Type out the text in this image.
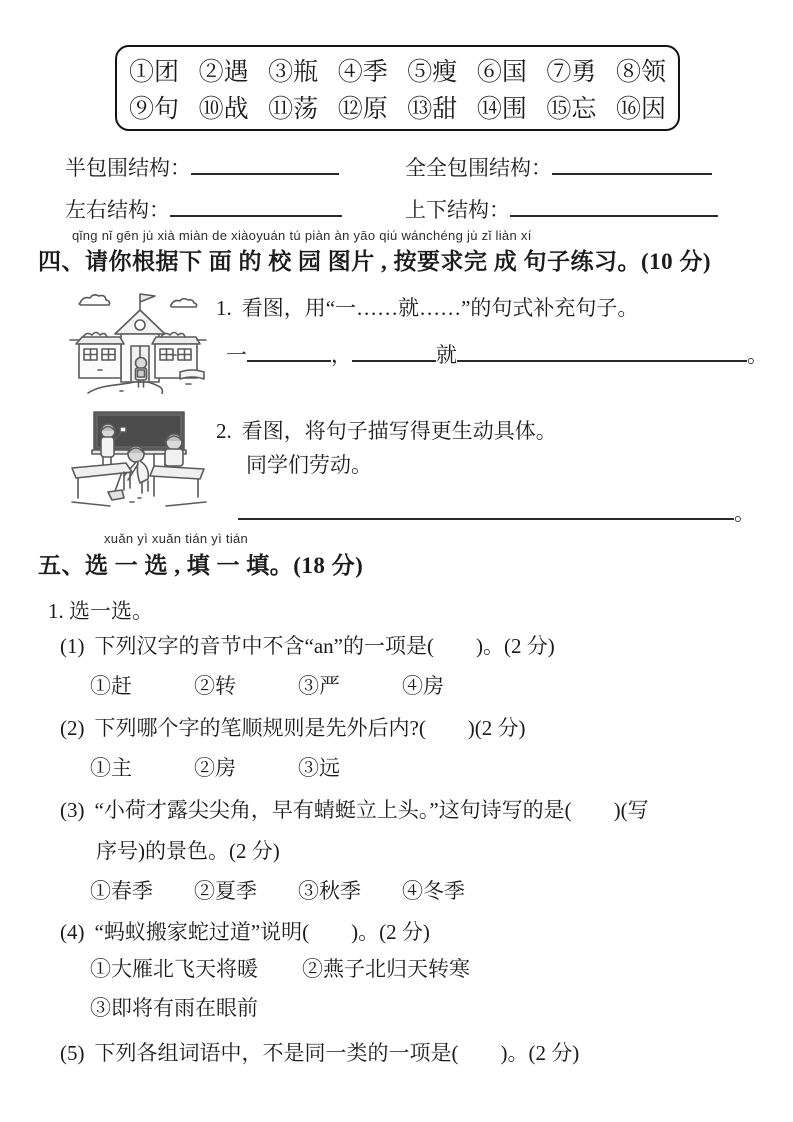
①团 ②遇 ③瓶 ④季 ⑤瘦 ⑥国 ⑦勇 ⑧领
⑨句 ⑩战 ⑪荡 ⑫原 ⑬甜 ⑭围 ⑮忘 ⑯因
半包围结构：	全全包围结构：
左右结构：	上下结构：
qǐng nǐ gēn jù xià miàn de xiàoyuán tú piàn àn yāo qiú wánchéng jù zǐ liàn xí
四、请你根据下 面 的 校 园 图片 , 按要求完 成 句子练习。(10 分)
1. 看图，用“一……就……”的句式补充句子。
一	，	就	。
2. 看图，将句子描写得更生动具体。
同学们劳动。
。
xuǎn yì xuǎn tián yì tián
五、选 一 选 , 填 一 填。(18 分)
1. 选一选。
(1) 下列汉字的音节中不含“an”的一项是(　　)。(2 分)
①赶	②转	③严	④房
(2) 下列哪个字的笔顺规则是先外后内?(　　)(2 分)
①主	②房	③远
(3) “小荷才露尖尖角，早有蜻蜓立上头。”这句诗写的是(　　)(写
序号)的景色。(2 分)
①春季 ②夏季 ③秋季 ④冬季
(4) “蚂蚁搬家蛇过道”说明(　　)。(2 分)
①大雁北飞天将暖 ②燕子北归天转寒
③即将有雨在眼前
(5) 下列各组词语中，不是同一类的一项是(　　)。(2 分)
